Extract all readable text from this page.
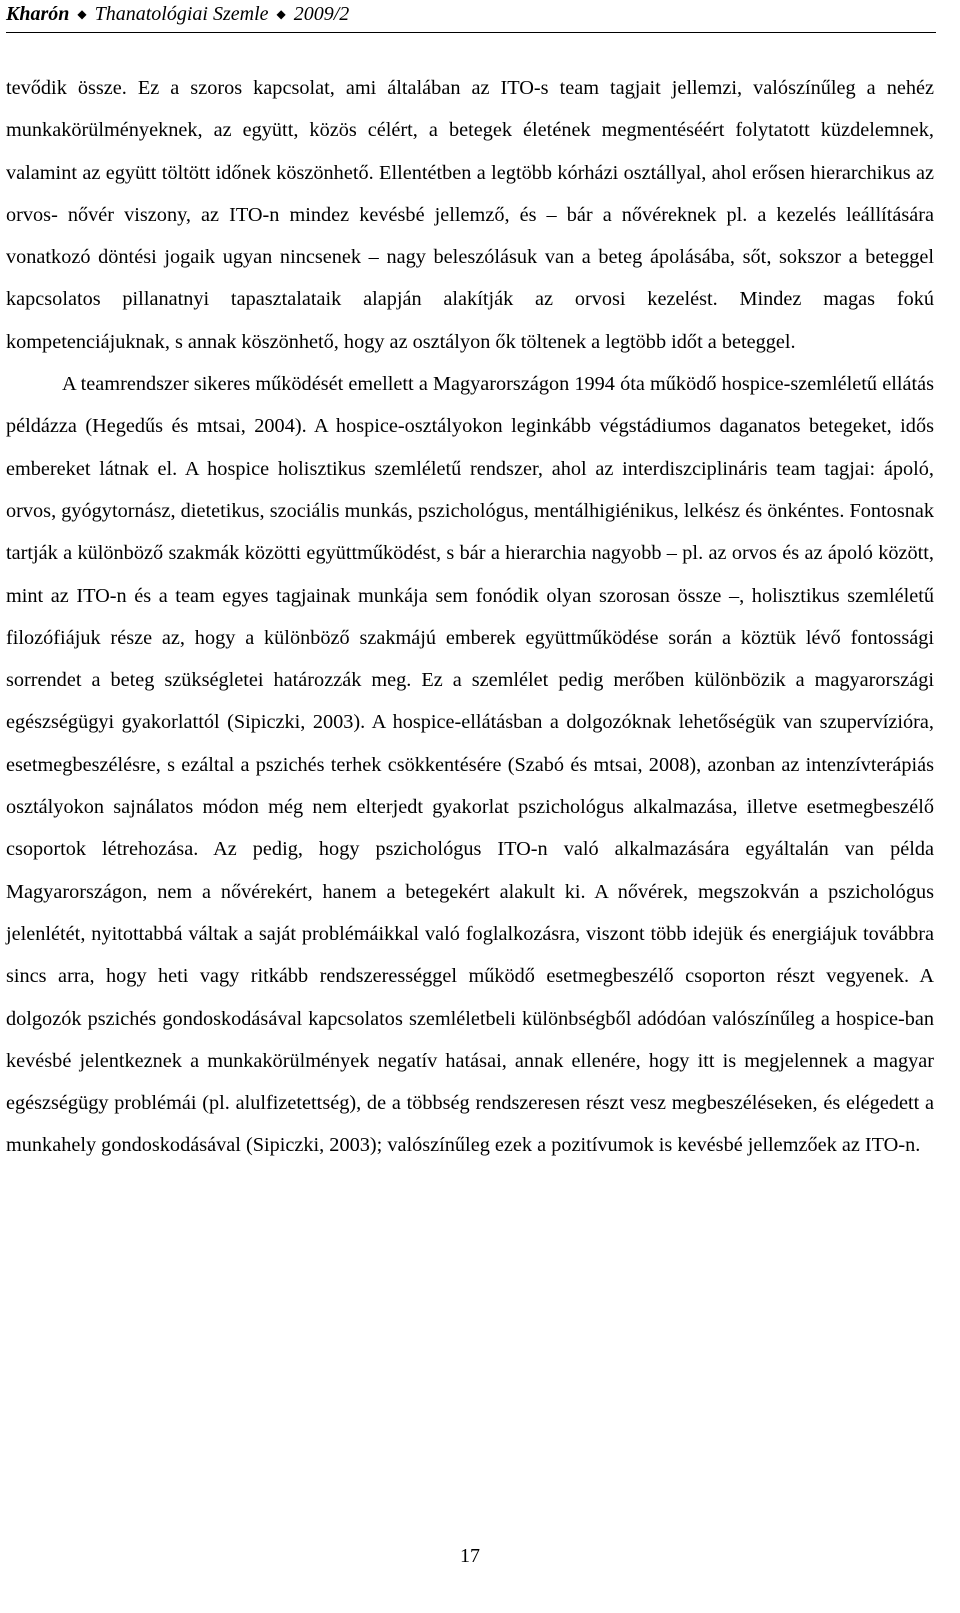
Kharón ◆ Thanatológiai Szemle ◆ 2009/2

tevődik össze. Ez a szoros kapcsolat, ami általában az ITO-s team tagjait jellemzi, valószínűleg a nehéz munkakörülményeknek, az együtt, közös célért, a betegek életének megmentéséért folytatott küzdelemnek, valamint az együtt töltött időnek köszönhető. Ellentétben a legtöbb kórházi osztállyal, ahol erősen hierarchikus az orvos- nővér viszony, az ITO-n mindez kevésbé jellemző, és – bár a nővéreknek pl. a kezelés leállítására vonatkozó döntési jogaik ugyan nincsenek – nagy beleszólásuk van a beteg ápolásába, sőt, sokszor a beteggel kapcsolatos pillanatnyi tapasztalataik alapján alakítják az orvosi kezelést. Mindez magas fokú kompetenciájuknak, s annak köszönhető, hogy az osztályon ők töltenek a legtöbb időt a beteggel.

A teamrendszer sikeres működését emellett a Magyarországon 1994 óta működő hospice-szemléletű ellátás példázza (Hegedűs és mtsai, 2004). A hospice-osztályokon leginkább végstádiumos daganatos betegeket, idős embereket látnak el. A hospice holisztikus szemléletű rendszer, ahol az interdiszciplináris team tagjai: ápoló, orvos, gyógytornász, dietetikus, szociális munkás, pszichológus, mentálhigiénikus, lelkész és önkéntes. Fontosnak tartják a különböző szakmák közötti együttműködést, s bár a hierarchia nagyobb – pl. az orvos és az ápoló között, mint az ITO-n és a team egyes tagjainak munkája sem fonódik olyan szorosan össze –, holisztikus szemléletű filozófiájuk része az, hogy a különböző szakmájú emberek együttműködése során a köztük lévő fontossági sorrendet a beteg szükségletei határozzák meg. Ez a szemlélet pedig merőben különbözik a magyarországi egészségügyi gyakorlattól (Sipiczki, 2003). A hospice-ellátásban a dolgozóknak lehetőségük van szupervízióra, esetmegbeszélésre, s ezáltal a pszichés terhek csökkentésére (Szabó és mtsai, 2008), azonban az intenzívterápiás osztályokon sajnálatos módon még nem elterjedt gyakorlat pszichológus alkalmazása, illetve esetmegbeszélő csoportok létrehozása. Az pedig, hogy pszichológus ITO-n való alkalmazására egyáltalán van példa Magyarországon, nem a nővérekért, hanem a betegekért alakult ki. A nővérek, megszokván a pszichológus jelenlétét, nyitottabbá váltak a saját problémáikkal való foglalkozásra, viszont több idejük és energiájuk továbbra sincs arra, hogy heti vagy ritkább rendszerességgel működő esetmegbeszélő csoporton részt vegyenek. A dolgozók pszichés gondoskodásával kapcsolatos szemléletbeli különbségből adódóan valószínűleg a hospice-ban kevésbé jelentkeznek a munkakörülmények negatív hatásai, annak ellenére, hogy itt is megjelennek a magyar egészségügy problémái (pl. alulfizetettség), de a többség rendszeresen részt vesz megbeszéléseken, és elégedett a munkahely gondoskodásával (Sipiczki, 2003); valószínűleg ezek a pozitívumok is kevésbé jellemzőek az ITO-n.

17
